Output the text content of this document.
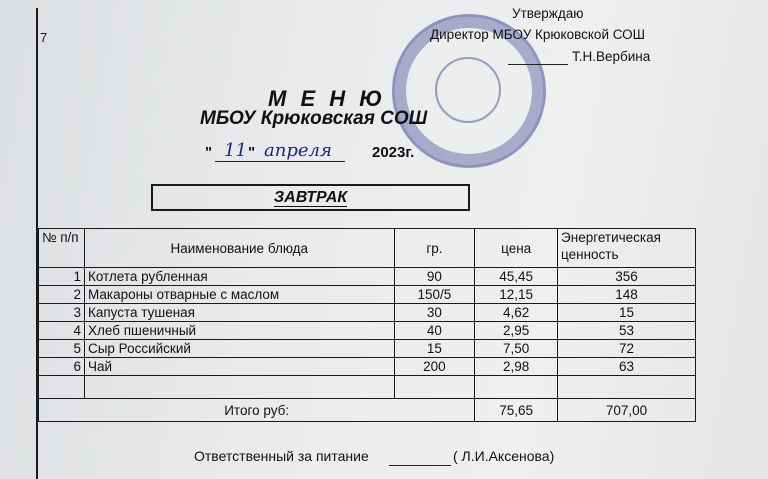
7
Утверждаю
Директор МБОУ Крюковской СОШ
Т.Н.Вербина
М Е Н Ю
МБОУ Крюковская СОШ
" 11 " апреля	2023г.
ЗАВТРАК
№ п/п	Наименование блюда	гр.	цена	Энергетическая ценность
1	Котлета рубленная	90	45,45	356
2	Макароны отварные с маслом	150/5	12,15	148
3	Капуста тушеная	30	4,62	15
4	Хлеб пшеничный	40	2,95	53
5	Сыр Российский	15	7,50	72
6	Чай	200	2,98	63

Итого руб:			75,65	707,00
Ответственный за питание	( Л.И.Аксенова)
